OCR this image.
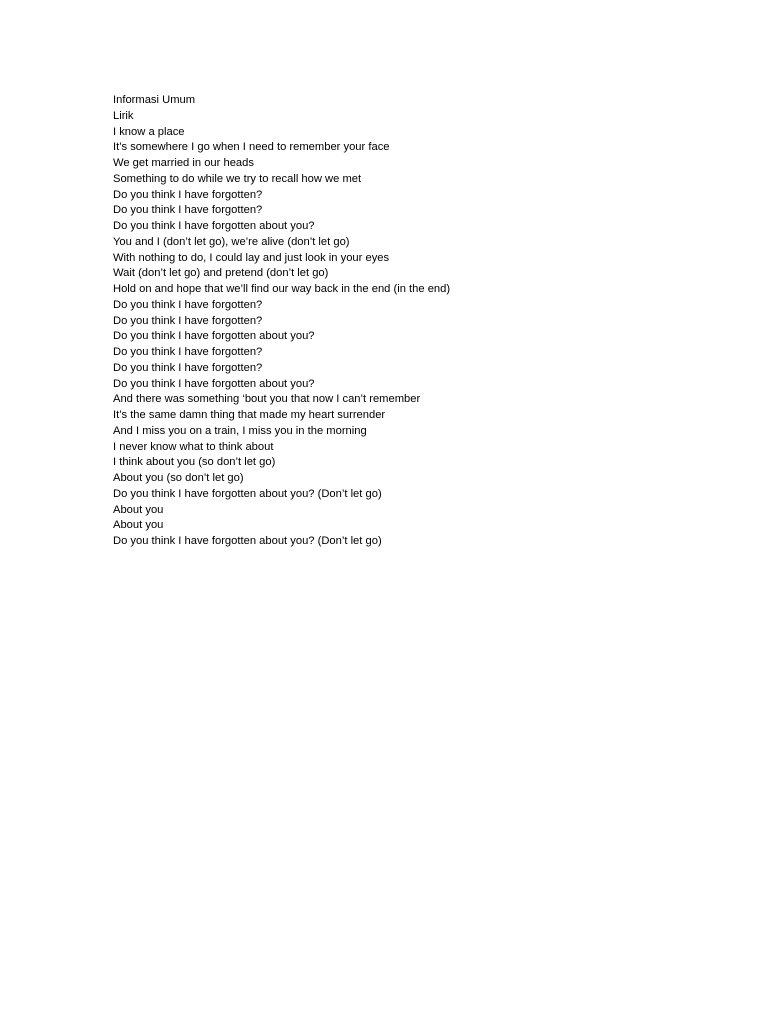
Informasi Umum
Lirik
I know a place
It’s somewhere I go when I need to remember your face
We get married in our heads
Something to do while we try to recall how we met
Do you think I have forgotten?
Do you think I have forgotten?
Do you think I have forgotten about you?
You and I (don’t let go), we’re alive (don’t let go)
With nothing to do, I could lay and just look in your eyes
Wait (don’t let go) and pretend (don’t let go)
Hold on and hope that we’ll find our way back in the end (in the end)
Do you think I have forgotten?
Do you think I have forgotten?
Do you think I have forgotten about you?
Do you think I have forgotten?
Do you think I have forgotten?
Do you think I have forgotten about you?
And there was something ‘bout you that now I can’t remember
It’s the same damn thing that made my heart surrender
And I miss you on a train, I miss you in the morning
I never know what to think about
I think about you (so don’t let go)
About you (so don’t let go)
Do you think I have forgotten about you? (Don’t let go)
About you
About you
Do you think I have forgotten about you? (Don’t let go)
